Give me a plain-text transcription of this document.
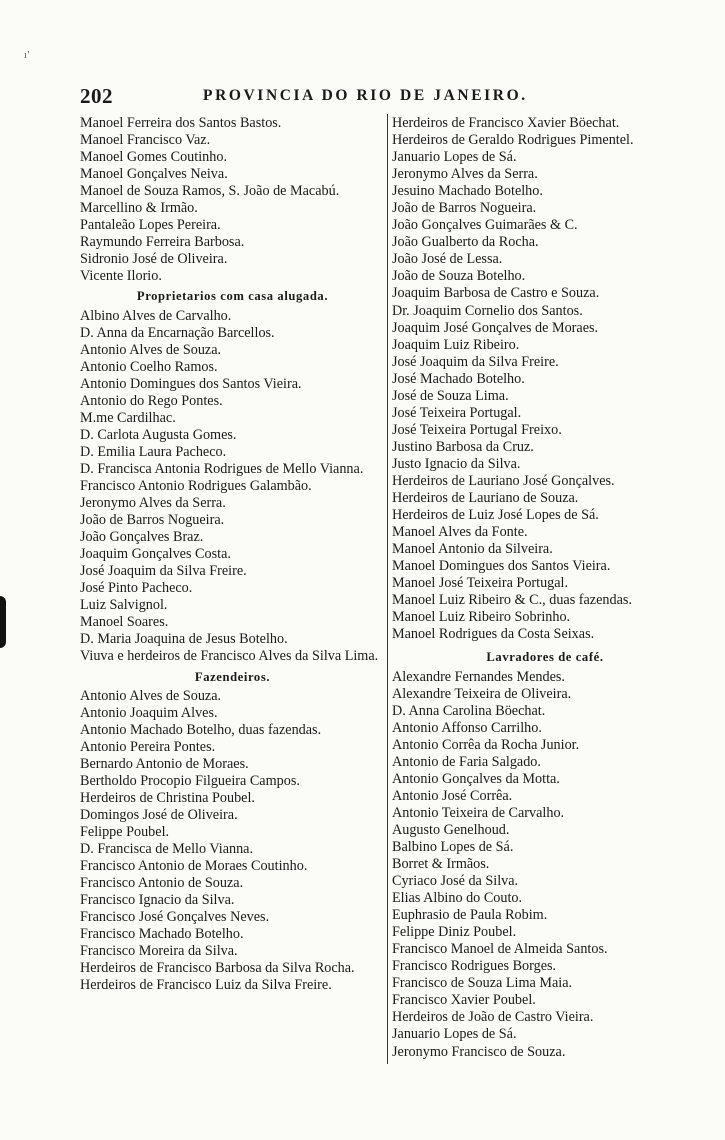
ı’
202	PROVINCIA DO RIO DE JANEIRO.
Manoel Ferreira dos Santos Bastos.
Manoel Francisco Vaz.
Manoel Gomes Coutinho.
Manoel Gonçalves Neiva.
Manoel de Souza Ramos, S. João de Macabú.
Marcellino & Irmão.
Pantaleão Lopes Pereira.
Raymundo Ferreira Barbosa.
Sidronio José de Oliveira.
Vicente Ilorio.
Proprietarios com casa alugada.
Albino Alves de Carvalho.
D. Anna da Encarnação Barcellos.
Antonio Alves de Souza.
Antonio Coelho Ramos.
Antonio Domingues dos Santos Vieira.
Antonio do Rego Pontes.
M.me Cardilhac.
D. Carlota Augusta Gomes.
D. Emilia Laura Pacheco.
D. Francisca Antonia Rodrigues de Mello Vianna.
Francisco Antonio Rodrigues Galambão.
Jeronymo Alves da Serra.
João de Barros Nogueira.
João Gonçalves Braz.
Joaquim Gonçalves Costa.
José Joaquim da Silva Freire.
José Pinto Pacheco.
Luiz Salvignol.
Manoel Soares.
D. Maria Joaquina de Jesus Botelho.
Viuva e herdeiros de Francisco Alves da Silva Lima.
Fazendeiros.
Antonio Alves de Souza.
Antonio Joaquim Alves.
Antonio Machado Botelho, duas fazendas.
Antonio Pereira Pontes.
Bernardo Antonio de Moraes.
Bertholdo Procopio Filgueira Campos.
Herdeiros de Christina Poubel.
Domingos José de Oliveira.
Felippe Poubel.
D. Francisca de Mello Vianna.
Francisco Antonio de Moraes Coutinho.
Francisco Antonio de Souza.
Francisco Ignacio da Silva.
Francisco José Gonçalves Neves.
Francisco Machado Botelho.
Francisco Moreira da Silva.
Herdeiros de Francisco Barbosa da Silva Rocha.
Herdeiros de Francisco Luiz da Silva Freire.
Herdeiros de Francisco Xavier Böechat.
Herdeiros de Geraldo Rodrigues Pimentel.
Januario Lopes de Sá.
Jeronymo Alves da Serra.
Jesuino Machado Botelho.
João de Barros Nogueira.
João Gonçalves Guimarães & C.
João Gualberto da Rocha.
João José de Lessa.
João de Souza Botelho.
Joaquim Barbosa de Castro e Souza.
Dr. Joaquim Cornelio dos Santos.
Joaquim José Gonçalves de Moraes.
Joaquim Luiz Ribeiro.
José Joaquim da Silva Freire.
José Machado Botelho.
José de Souza Lima.
José Teixeira Portugal.
José Teixeira Portugal Freixo.
Justino Barbosa da Cruz.
Justo Ignacio da Silva.
Herdeiros de Lauriano José Gonçalves.
Herdeiros de Lauriano de Souza.
Herdeiros de Luiz José Lopes de Sá.
Manoel Alves da Fonte.
Manoel Antonio da Silveira.
Manoel Domingues dos Santos Vieira.
Manoel José Teixeira Portugal.
Manoel Luiz Ribeiro & C., duas fazendas.
Manoel Luiz Ribeiro Sobrinho.
Manoel Rodrigues da Costa Seixas.
Lavradores de café.
Alexandre Fernandes Mendes.
Alexandre Teixeira de Oliveira.
D. Anna Carolina Böechat.
Antonio Affonso Carrilho.
Antonio Corrêa da Rocha Junior.
Antonio de Faria Salgado.
Antonio Gonçalves da Motta.
Antonio José Corrêa.
Antonio Teixeira de Carvalho.
Augusto Genelhoud.
Balbino Lopes de Sá.
Borret & Irmãos.
Cyriaco José da Silva.
Elias Albino do Couto.
Euphrasio de Paula Robim.
Felippe Diniz Poubel.
Francisco Manoel de Almeida Santos.
Francisco Rodrigues Borges.
Francisco de Souza Lima Maia.
Francisco Xavier Poubel.
Herdeiros de João de Castro Vieira.
Januario Lopes de Sá.
Jeronymo Francisco de Souza.
